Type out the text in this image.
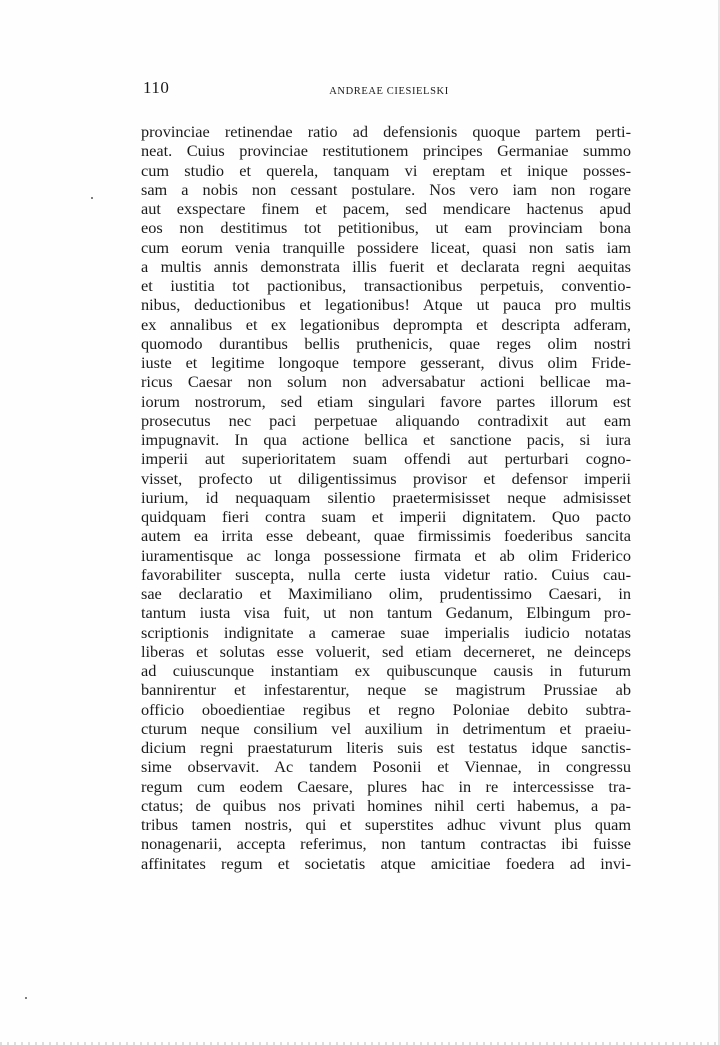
110	ANDREAE CIESIELSKI
provinciae retinendae ratio ad defensionis quoque partem perti-
neat. Cuius provinciae restitutionem principes Germaniae summo
cum studio et querela, tanquam vi ereptam et inique posses-
sam a nobis non cessant postulare. Nos vero iam non rogare
aut exspectare finem et pacem, sed mendicare hactenus apud
eos non destitimus tot petitionibus, ut eam provinciam bona
cum eorum venia tranquille possidere liceat, quasi non satis iam
a multis annis demonstrata illis fuerit et declarata regni aequitas
et iustitia tot pactionibus, transactionibus perpetuis, conventio-
nibus, deductionibus et legationibus! Atque ut pauca pro multis
ex annalibus et ex legationibus deprompta et descripta adferam,
quomodo durantibus bellis pruthenicis, quae reges olim nostri
iuste et legitime longoque tempore gesserant, divus olim Fride-
ricus Caesar non solum non adversabatur actioni bellicae ma-
iorum nostrorum, sed etiam singulari favore partes illorum est
prosecutus nec paci perpetuae aliquando contradixit aut eam
impugnavit. In qua actione bellica et sanctione pacis, si iura
imperii aut superioritatem suam offendi aut perturbari cogno-
visset, profecto ut diligentissimus provisor et defensor imperii
iurium, id nequaquam silentio praetermisisset neque admisisset
quidquam fieri contra suam et imperii dignitatem. Quo pacto
autem ea irrita esse debeant, quae firmissimis foederibus sancita
iuramentisque ac longa possessione firmata et ab olim Friderico
favorabiliter suscepta, nulla certe iusta videtur ratio. Cuius cau-
sae declaratio et Maximiliano olim, prudentissimo Caesari, in
tantum iusta visa fuit, ut non tantum Gedanum, Elbingum pro-
scriptionis indignitate a camerae suae imperialis iudicio notatas
liberas et solutas esse voluerit, sed etiam decerneret, ne deinceps
ad cuiuscunque instantiam ex quibuscunque causis in futurum
bannirentur et infestarentur, neque se magistrum Prussiae ab
officio oboedientiae regibus et regno Poloniae debito subtra-
cturum neque consilium vel auxilium in detrimentum et praeiu-
dicium regni praestaturum literis suis est testatus idque sanctis-
sime observavit. Ac tandem Posonii et Viennae, in congressu
regum cum eodem Caesare, plures hac in re intercessisse tra-
ctatus; de quibus nos privati homines nihil certi habemus, a pa-
tribus tamen nostris, qui et superstites adhuc vivunt plus quam
nonagenarii, accepta referimus, non tantum contractas ibi fuisse
affinitates regum et societatis atque amicitiae foedera ad invi-
